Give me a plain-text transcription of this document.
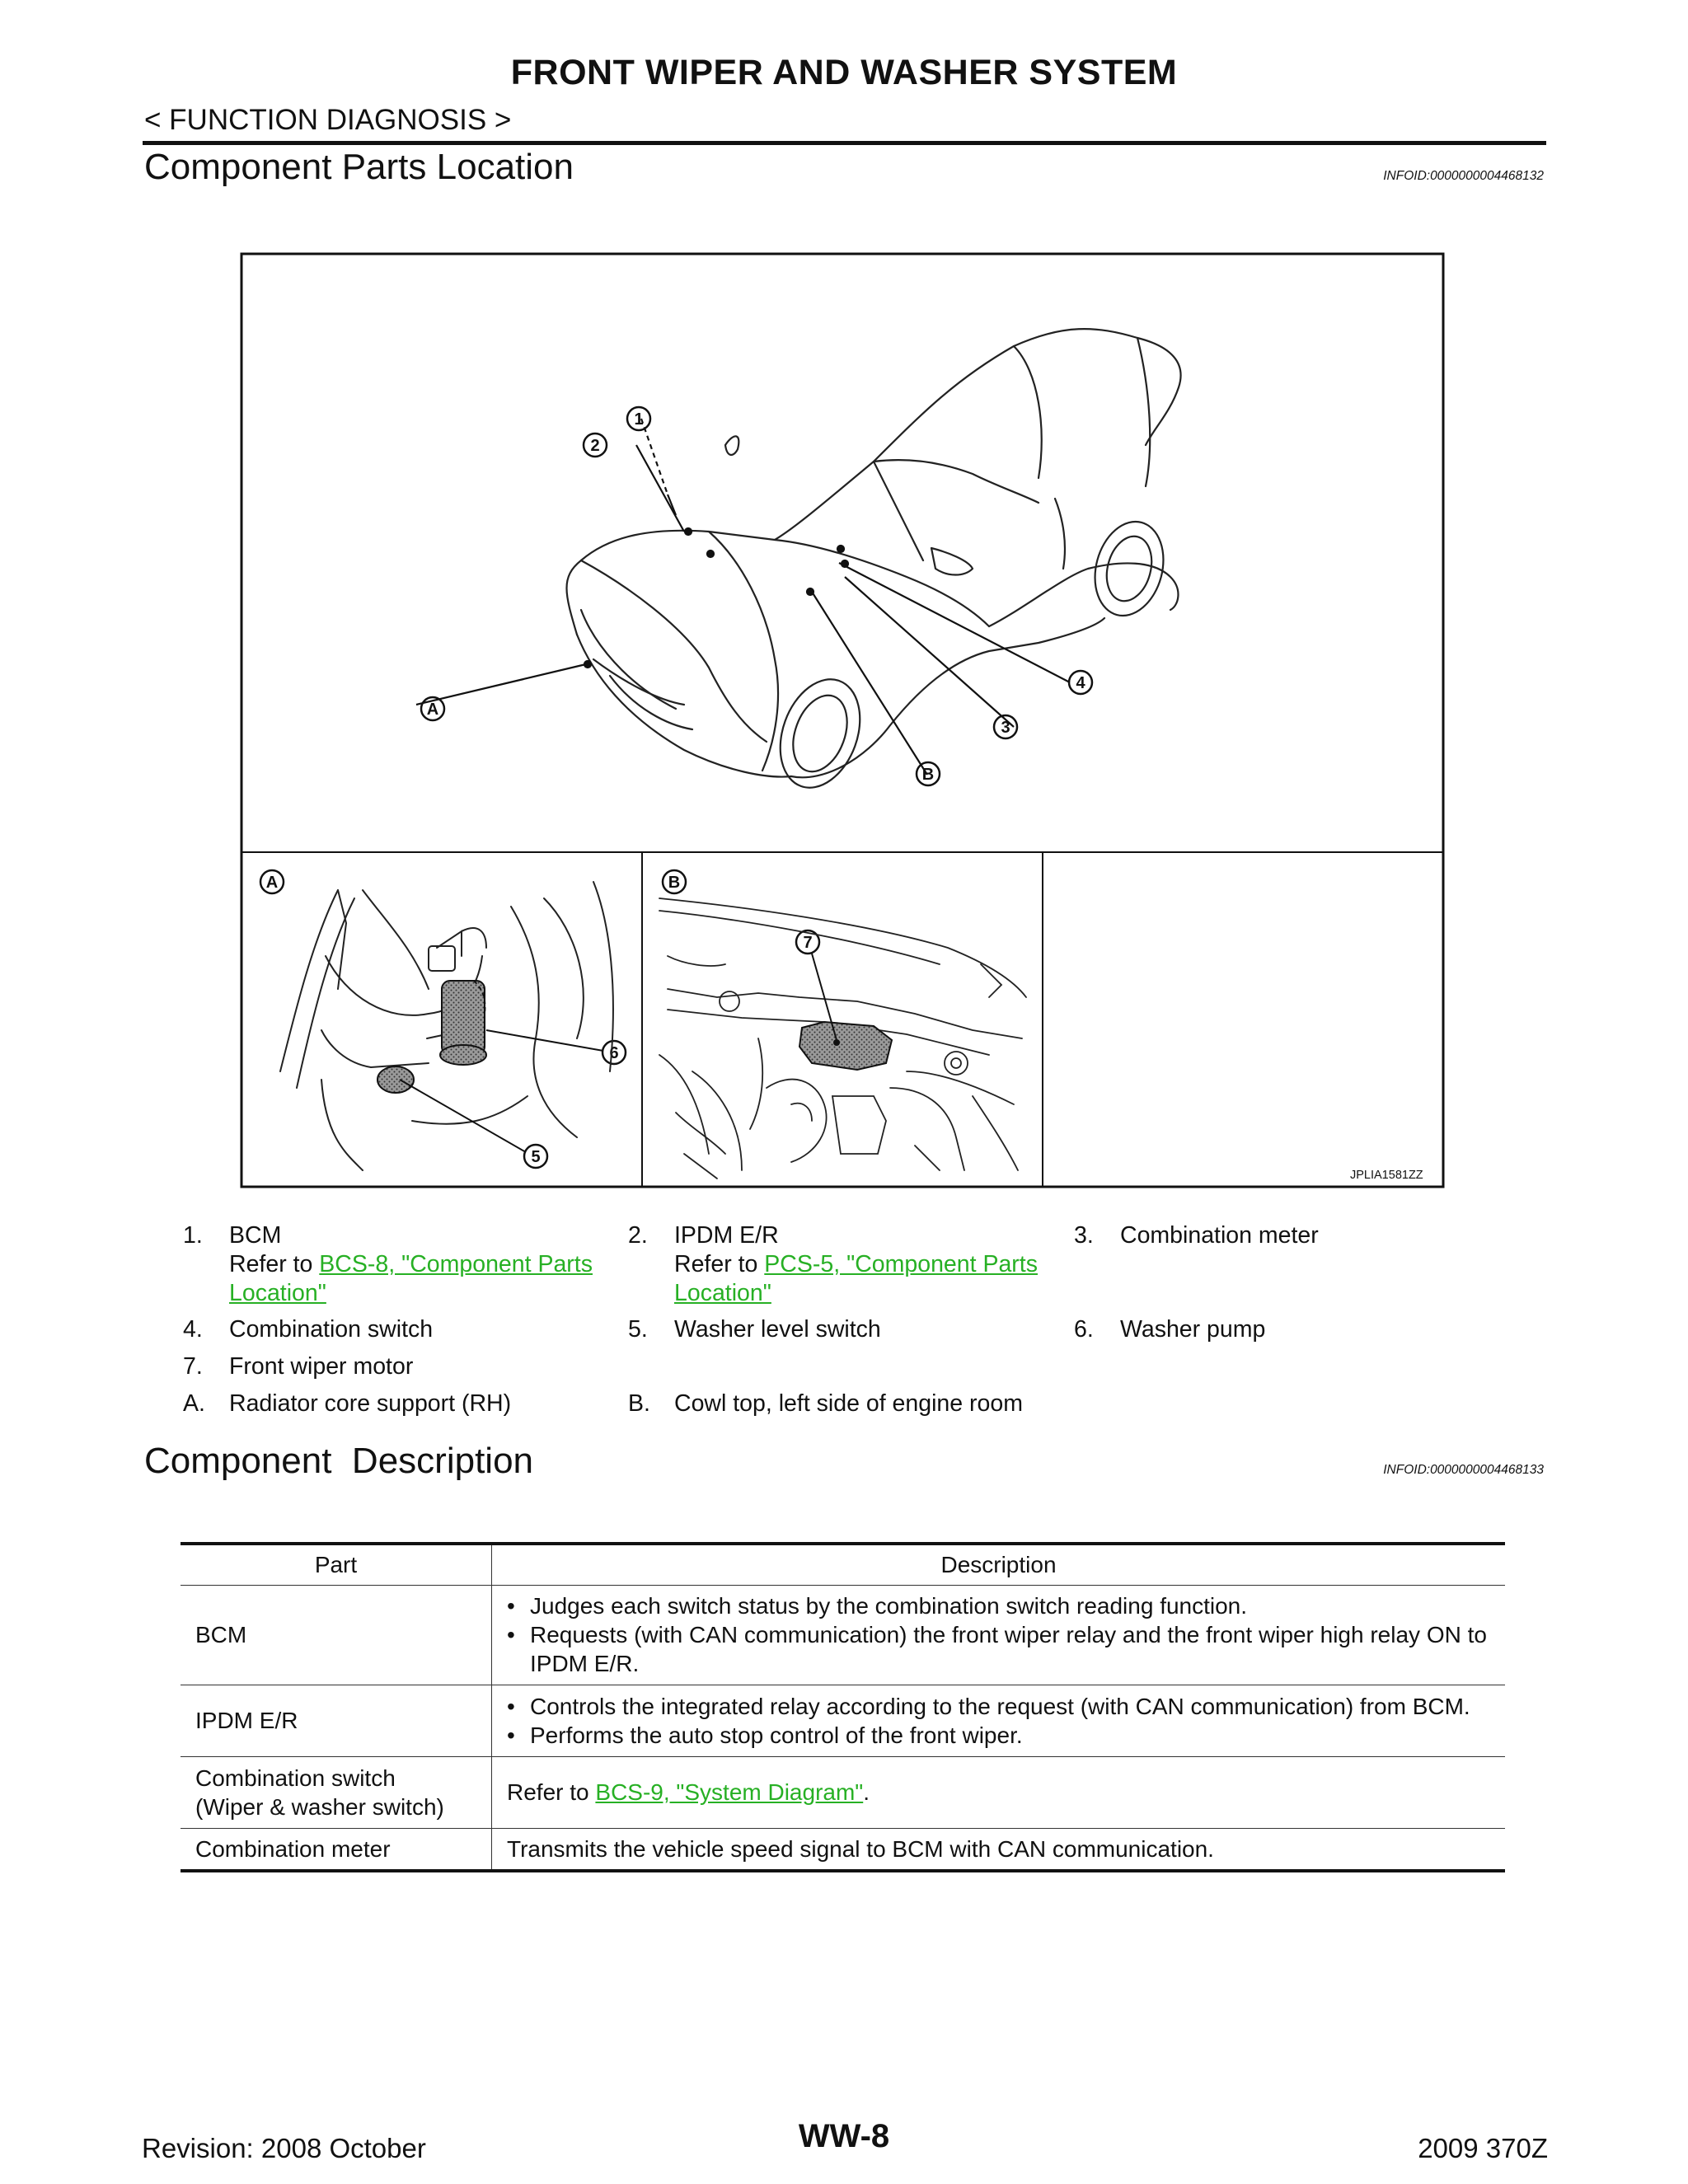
FRONT WIPER AND WASHER SYSTEM
< FUNCTION DIAGNOSIS >
Component Parts Location	INFOID:0000000004468132
1
2
3
4
B
A
A	B
7
6
5
JPLIA1581ZZ
1.	BCM
Refer to BCS-8, "Component Parts Location"
2.	IPDM E/R
Refer to PCS-5, "Component Parts Location"
3.	Combination meter
4.	Combination switch	5.	Washer level switch	6.	Washer pump
7.	Front wiper motor
A.	Radiator core support (RH)	B.	Cowl top, left side of engine room
Component  Description	INFOID:0000000004468133
Part	Description
BCM	• Judges each switch status by the combination switch reading function.
• Requests (with CAN communication) the front wiper relay and the front wiper high relay ON to IPDM E/R.

IPDM E/R	• Controls the integrated relay according to the request (with CAN communication) from BCM.
• Performs the auto stop control of the front wiper.

Combination switch
(Wiper & washer switch)	Refer to BCS-9, "System Diagram".
Combination meter	Transmits the vehicle speed signal to BCM with CAN communication.
Revision: 2008 October	WW-8	2009 370Z
